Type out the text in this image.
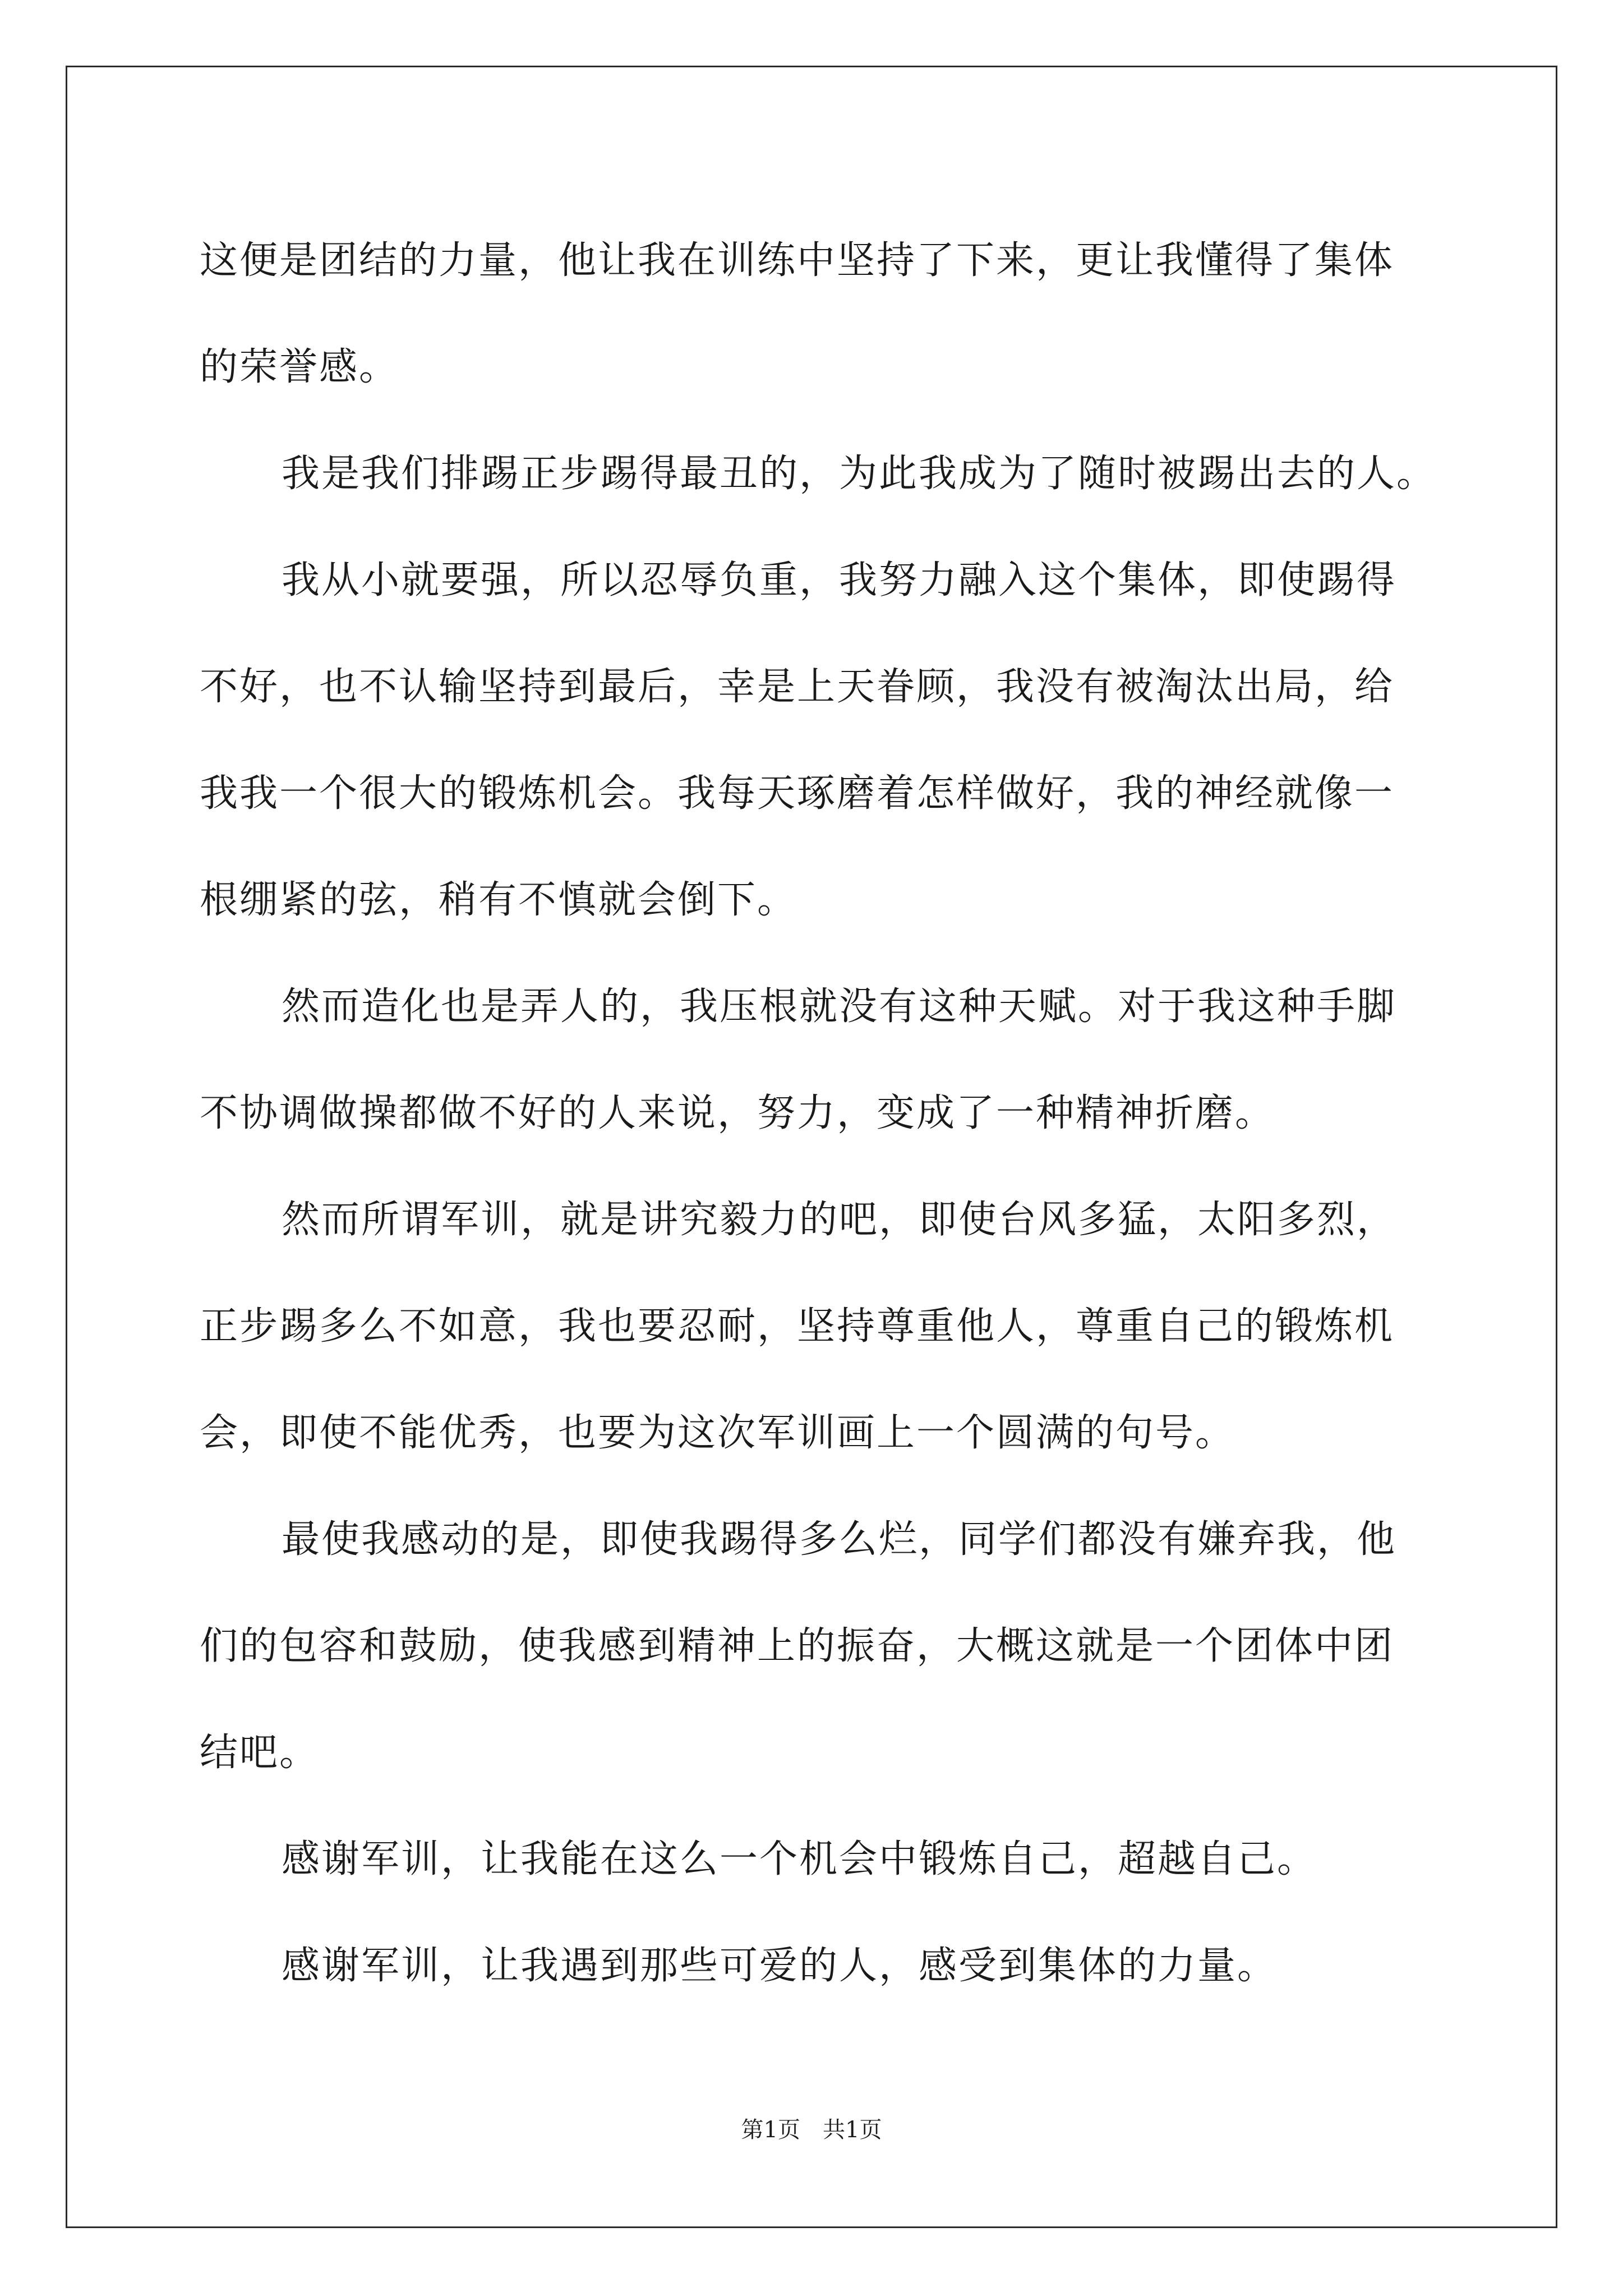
这便是团结的力量，他让我在训练中坚持了下来，更让我懂得了集体
的荣誉感。
我是我们排踢正步踢得最丑的，为此我成为了随时被踢出去的人。
我从小就要强，所以忍辱负重，我努力融入这个集体，即使踢得
不好，也不认输坚持到最后，幸是上天眷顾，我没有被淘汰出局，给
我我一个很大的锻炼机会。我每天琢磨着怎样做好，我的神经就像一
根绷紧的弦，稍有不慎就会倒下。
然而造化也是弄人的，我压根就没有这种天赋。对于我这种手脚
不协调做操都做不好的人来说，努力，变成了一种精神折磨。
然而所谓军训，就是讲究毅力的吧，即使台风多猛，太阳多烈，
正步踢多么不如意，我也要忍耐，坚持尊重他人，尊重自己的锻炼机
会，即使不能优秀，也要为这次军训画上一个圆满的句号。
最使我感动的是，即使我踢得多么烂，同学们都没有嫌弃我，他
们的包容和鼓励，使我感到精神上的振奋，大概这就是一个团体中团
结吧。
感谢军训，让我能在这么一个机会中锻炼自己，超越自己。
感谢军训，让我遇到那些可爱的人，感受到集体的力量。
第1页 共1页
